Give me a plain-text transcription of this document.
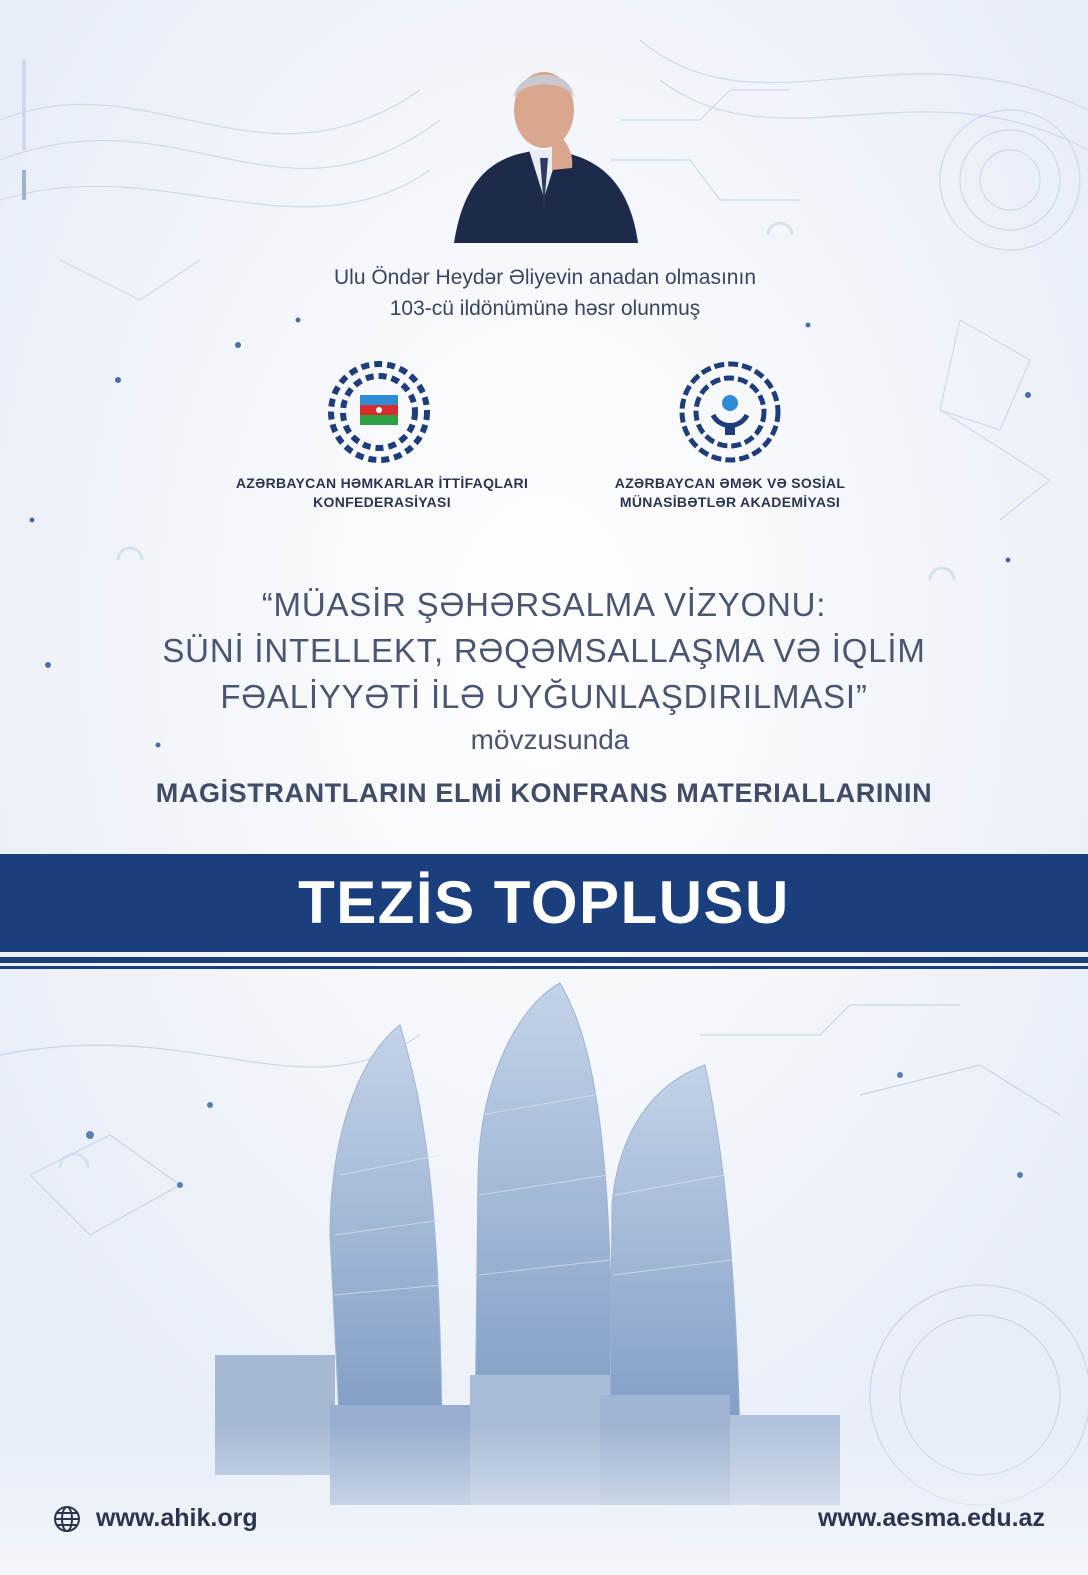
Ulu Öndər Heydər Əliyevin anadan olmasının
103-cü ildönümünə həsr olunmuş
AZƏRBAYCAN HƏMKARLAR İTTİFAQLARI
KONFEDERASİYASI
AZƏRBAYCAN ƏMƏK VƏ SOSİAL
MÜNASİBƏTLƏR AKADEMİYASI
“MÜASİR ŞƏHƏRSALMA VİZYONU:
SÜNİ İNTELLEKT, RƏQƏMSALLAŞMA VƏ İQLİM
FƏALİYYƏTİ İLƏ UYĞUNLAŞDIRILMASI”
mövzusunda
MAGİSTRANTLARIN ELMİ KONFRANS MATERIALLARININ
TEZİS TOPLUSU
www.ahik.org	www.aesma.edu.az
